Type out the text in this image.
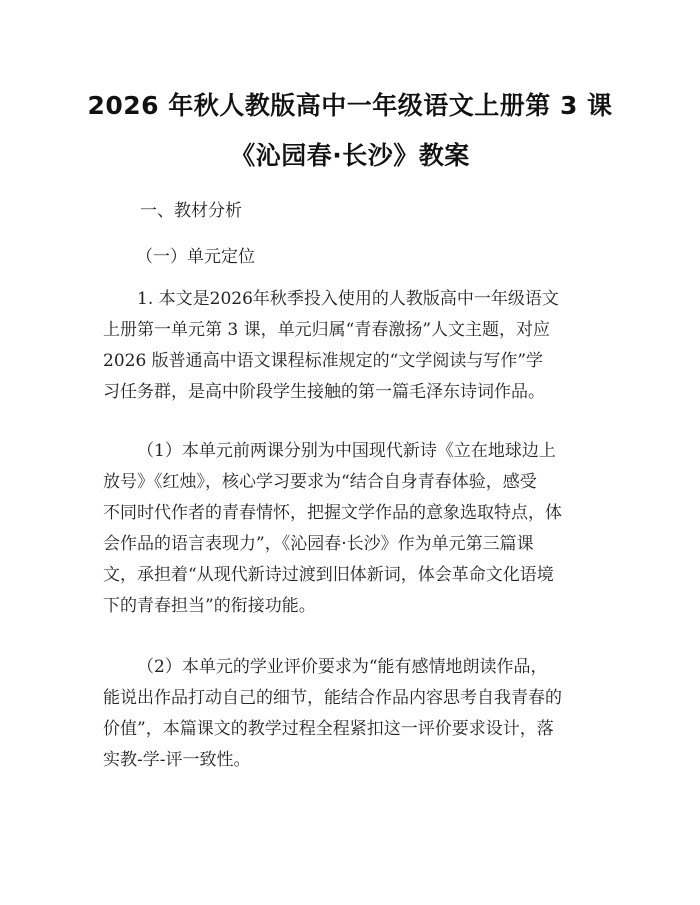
2026 年秋人教版高中一年级语文上册第 3 课
《沁园春·长沙》教案
一、教材分析
（一）单元定位
1. 本文是2026年秋季投入使用的人教版高中一年级语文
上册第一单元第 3 课，单元归属“青春激扬”人文主题，对应
2026 版普通高中语文课程标准规定的“文学阅读与写作”学
习任务群，是高中阶段学生接触的第一篇毛泽东诗词作品。
（1）本单元前两课分别为中国现代新诗《立在地球边上
放号》《红烛》，核心学习要求为“结合自身青春体验，感受
不同时代作者的青春情怀，把握文学作品的意象选取特点，体
会作品的语言表现力”，《沁园春·长沙》作为单元第三篇课
文，承担着“从现代新诗过渡到旧体新词，体会革命文化语境
下的青春担当”的衔接功能。
（2）本单元的学业评价要求为“能有感情地朗读作品，
能说出作品打动自己的细节，能结合作品内容思考自我青春的
价值”，本篇课文的教学过程全程紧扣这一评价要求设计，落
实教-学-评一致性。
